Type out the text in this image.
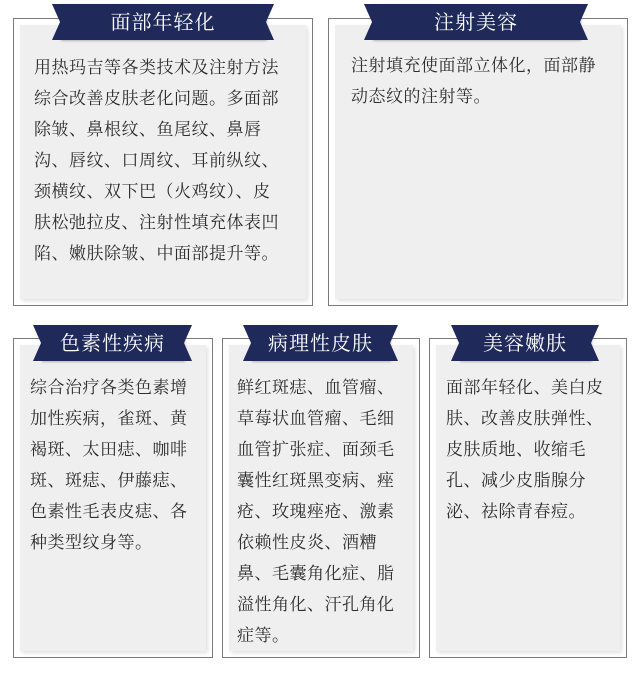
用热玛吉等各类技术及注射方法
综合改善皮肤老化问题。多面部
除皱、鼻根纹、鱼尾纹、鼻唇
沟、唇纹、口周纹、耳前纵纹、
颈横纹、双下巴（火鸡纹）、皮
肤松弛拉皮、注射性填充体表凹
陷、嫩肤除皱、中面部提升等。
面部年轻化
注射填充使面部立体化，面部静
动态纹的注射等。
注射美容
综合治疗各类色素增
加性疾病，雀斑、黄
褐斑、太田痣、咖啡
斑、斑痣、伊藤痣、
色素性毛表皮痣、各
种类型纹身等。
色素性疾病
鲜红斑痣、血管瘤、
草莓状血管瘤、毛细
血管扩张症、面颈毛
囊性红斑黑变病、痤
疮、玫瑰痤疮、激素
依赖性皮炎、酒糟
鼻、毛囊角化症、脂
溢性角化、汗孔角化
症等。
病理性皮肤
面部年轻化、美白皮
肤、改善皮肤弹性、
皮肤质地、收缩毛
孔、减少皮脂腺分
泌、祛除青春痘。
美容嫩肤
